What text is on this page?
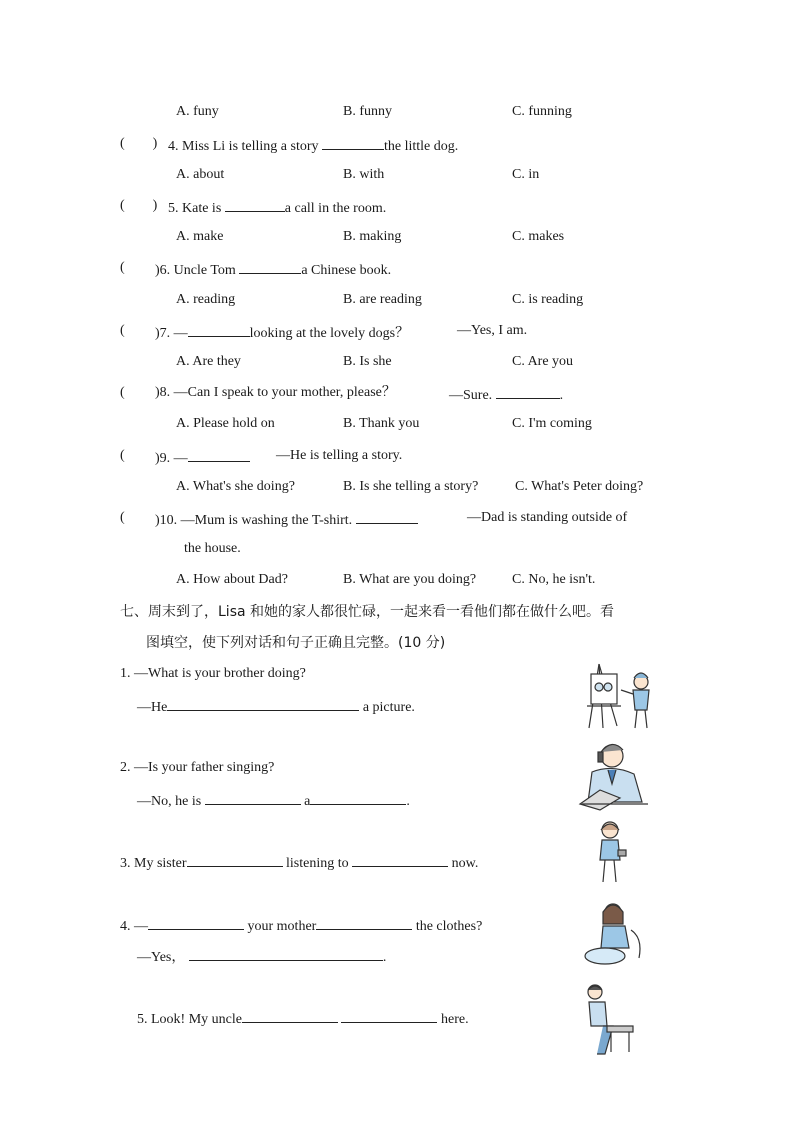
A. funy	B. funny	C. funning
( ) 4. Miss Li is telling a story	the little dog.
A. about	B. with	C. in
( ) 5. Kate is	a call in the room.
A. make	B. making	C. makes
(	)6. Uncle Tom	a Chinese book.
A. reading	B. are reading	C. is reading
(	)7. —	looking at the lovely dogs？	—Yes, I am.
A. Are they	B. Is she	C. Are you
(	)8. —Can I speak to your mother, please？	—Sure.	.
A. Please hold on	B. Thank you	C. I'm coming
(	)9. —	—He is telling a story.
A. What's she doing?	B. Is she telling a story?	C. What's Peter doing?
(	)10. —Mum is washing the T-shirt.	—Dad is standing outside of
the house.
A. How about Dad?	B. What are you doing?	C. No, he isn't.
七、周末到了，Lisa 和她的家人都很忙碌，一起来看一看他们都在做什么吧。看
图填空，使下列对话和句子正确且完整。(10 分)
1. —What is your brother doing?
—He	a picture.
2. —Is your father singing?
—No, he is	a	.
3. My sister	listening to	now.
4. —	your mother	the clothes?
—Yes，	.
5. Look! My uncle	here.
